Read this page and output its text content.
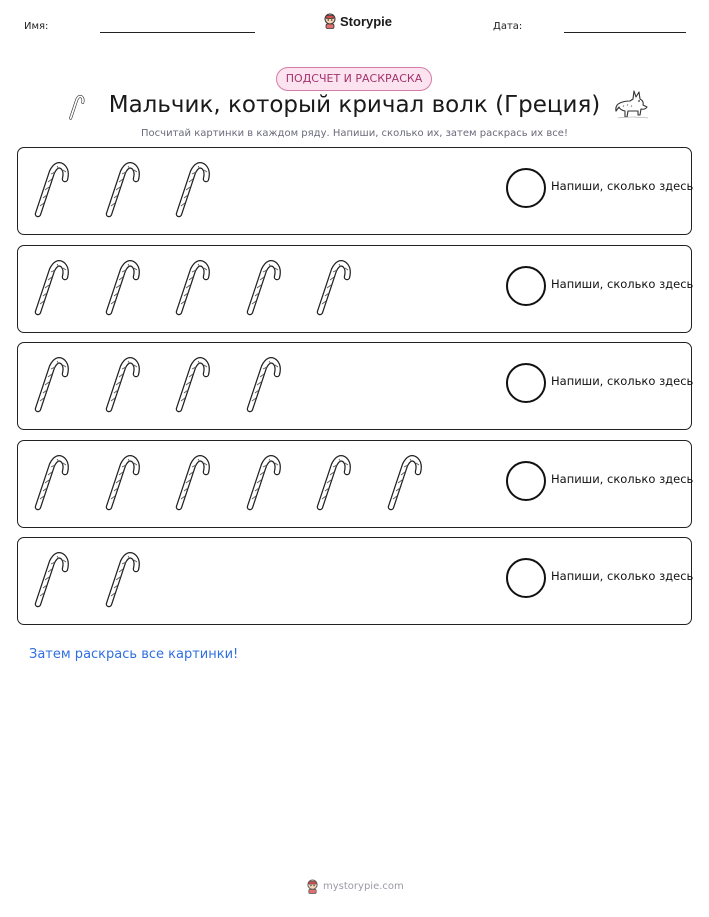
Имя:	Storypie	Дата:
ПОДСЧЕТ И РАСКРАСКА
Мальчик, который кричал волк (Греция)
Посчитай картинки в каждом ряду. Напиши, сколько их, затем раскрась их все!
Напиши, сколько здесь
Напиши, сколько здесь
Напиши, сколько здесь
Напиши, сколько здесь
Напиши, сколько здесь
Затем раскрась все картинки!
mystorypie.com
